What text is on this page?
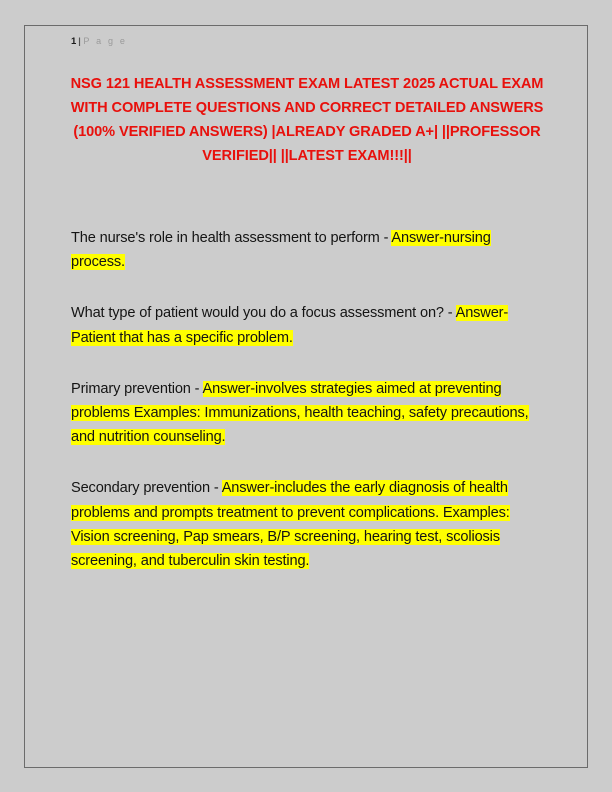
1 | P a g e
NSG 121 HEALTH ASSESSMENT EXAM LATEST 2025 ACTUAL EXAM WITH COMPLETE QUESTIONS AND CORRECT DETAILED ANSWERS (100% VERIFIED ANSWERS) |ALREADY GRADED A+| ||PROFESSOR VERIFIED|| ||LATEST EXAM!!!||
The nurse's role in health assessment to perform - Answer-nursing process.
What type of patient would you do a focus assessment on? - Answer-Patient that has a specific problem.
Primary prevention - Answer-involves strategies aimed at preventing problems Examples: Immunizations, health teaching, safety precautions, and nutrition counseling.
Secondary prevention - Answer-includes the early diagnosis of health problems and prompts treatment to prevent complications. Examples: Vision screening, Pap smears, B/P screening, hearing test, scoliosis screening, and tuberculin skin testing.
